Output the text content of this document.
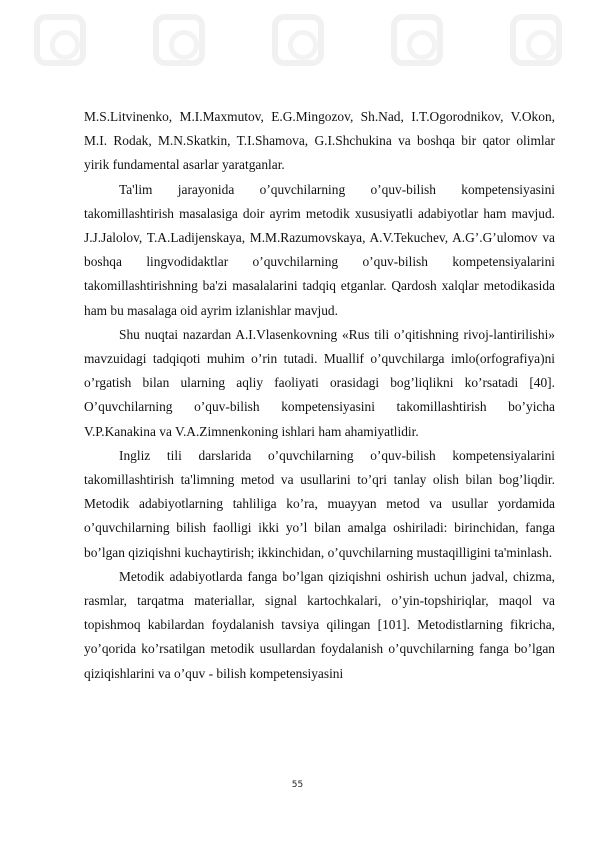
M.S.Litvinenko, M.I.Maxmutov, E.G.Mingozov, Sh.Nad, I.T.Ogorodnikov, V.Okon, M.I. Rodak, M.N.Skatkin, T.I.Shamova, G.I.Shchukina va boshqa bir qator olimlar yirik fundamental asarlar yaratganlar.

Ta'lim jarayonida o’quvchilarning o’quv-bilish kompetensiyasini takomillashtirish masalasiga doir ayrim metodik xususiyatli adabiyotlar ham mavjud. J.J.Jalolov, T.A.Ladijenskaya, M.M.Razumovskaya, A.V.Tekuchev, A.G’.G’ulomov va boshqa lingvodidaktlar o’quvchilarning o’quv-bilish kompetensiyalarini takomillashtirishning ba'zi masalalarini tadqiq etganlar. Qardosh xalqlar metodikasida ham bu masalaga oid ayrim izlanishlar mavjud.

Shu nuqtai nazardan A.I.Vlasenkovning «Rus tili o’qitishning rivoj-lantirilishi» mavzuidagi tadqiqoti muhim o’rin tutadi. Muallif o’quvchilarga imlo(orfografiya)ni o’rgatish bilan ularning aqliy faoliyati orasidagi bog’liqlikni ko’rsatadi [40]. O’quvchilarning o’quv-bilish kompetensiyasini takomillashtirish bo’yicha V.P.Kanakina va V.A.Zimnenkoning ishlari ham ahamiyatlidir.

Ingliz tili darslarida o’quvchilarning o’quv-bilish kompetensiyalarini takomillashtirish ta'limning metod va usullarini to’qri tanlay olish bilan bog’liqdir. Metodik adabiyotlarning tahliliga ko’ra, muayyan metod va usullar yordamida o’quvchilarning bilish faolligi ikki yo’l bilan amalga oshiriladi: birinchidan, fanga bo’lgan qiziqishni kuchaytirish; ikkinchidan, o’quvchilarning mustaqilligini ta'minlash.

Metodik adabiyotlarda fanga bo’lgan qiziqishni oshirish uchun jadval, chizma, rasmlar, tarqatma materiallar, signal kartochkalari, o’yin-topshiriqlar, maqol va topishmoq kabilardan foydalanish tavsiya qilingan [101]. Metodistlarning fikricha, yo’qorida ko’rsatilgan metodik usullardan foydalanish o’quvchilarning fanga bo’lgan qiziqishlarini va o’quv - bilish kompetensiyasini

55
